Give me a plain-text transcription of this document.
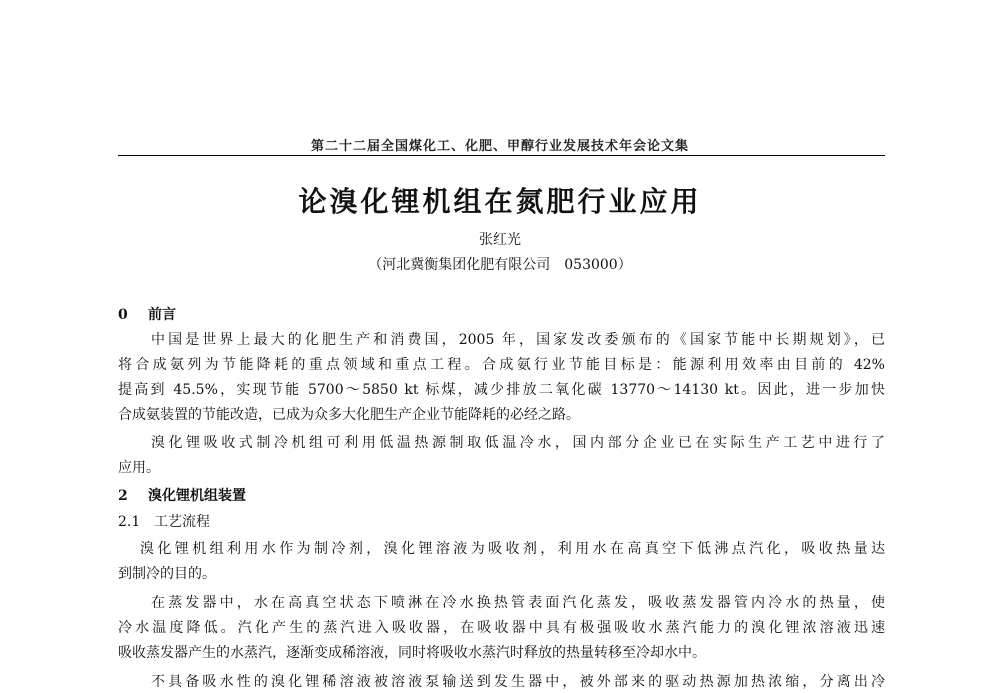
第二十二届全国煤化工、化肥、甲醇行业发展技术年会论文集
论溴化锂机组在氮肥行业应用
张红光
（河北冀衡集团化肥有限公司　053000）
0 前言
中国是世界上最大的化肥生产和消费国，2005 年，国家发改委颁布的《国家节能中长期规划》，已
将合成氨列为节能降耗的重点领域和重点工程。合成氨行业节能目标是：能源利用效率由目前的 42%
提高到 45.5%，实现节能 5700～5850 kt 标煤，减少排放二氧化碳 13770～14130 kt。因此，进一步加快
合成氨装置的节能改造，已成为众多大化肥生产企业节能降耗的必经之路。
溴化锂吸收式制冷机组可利用低温热源制取低温冷水，国内部分企业已在实际生产工艺中进行了
应用。
2 溴化锂机组装置
2.1 工艺流程
溴化锂机组利用水作为制冷剂，溴化锂溶液为吸收剂，利用水在高真空下低沸点汽化，吸收热量达
到制冷的目的。
在蒸发器中，水在高真空状态下喷淋在冷水换热管表面汽化蒸发，吸收蒸发器管内冷水的热量，使
冷水温度降低。汽化产生的蒸汽进入吸收器，在吸收器中具有极强吸收水蒸汽能力的溴化锂浓溶液迅速
吸收蒸发器产生的水蒸汽，逐渐变成稀溶液，同时将吸收水蒸汽时释放的热量转移至冷却水中。
不具备吸水性的溴化锂稀溶液被溶液泵输送到发生器中，被外部来的驱动热源加热浓缩，分离出冷
